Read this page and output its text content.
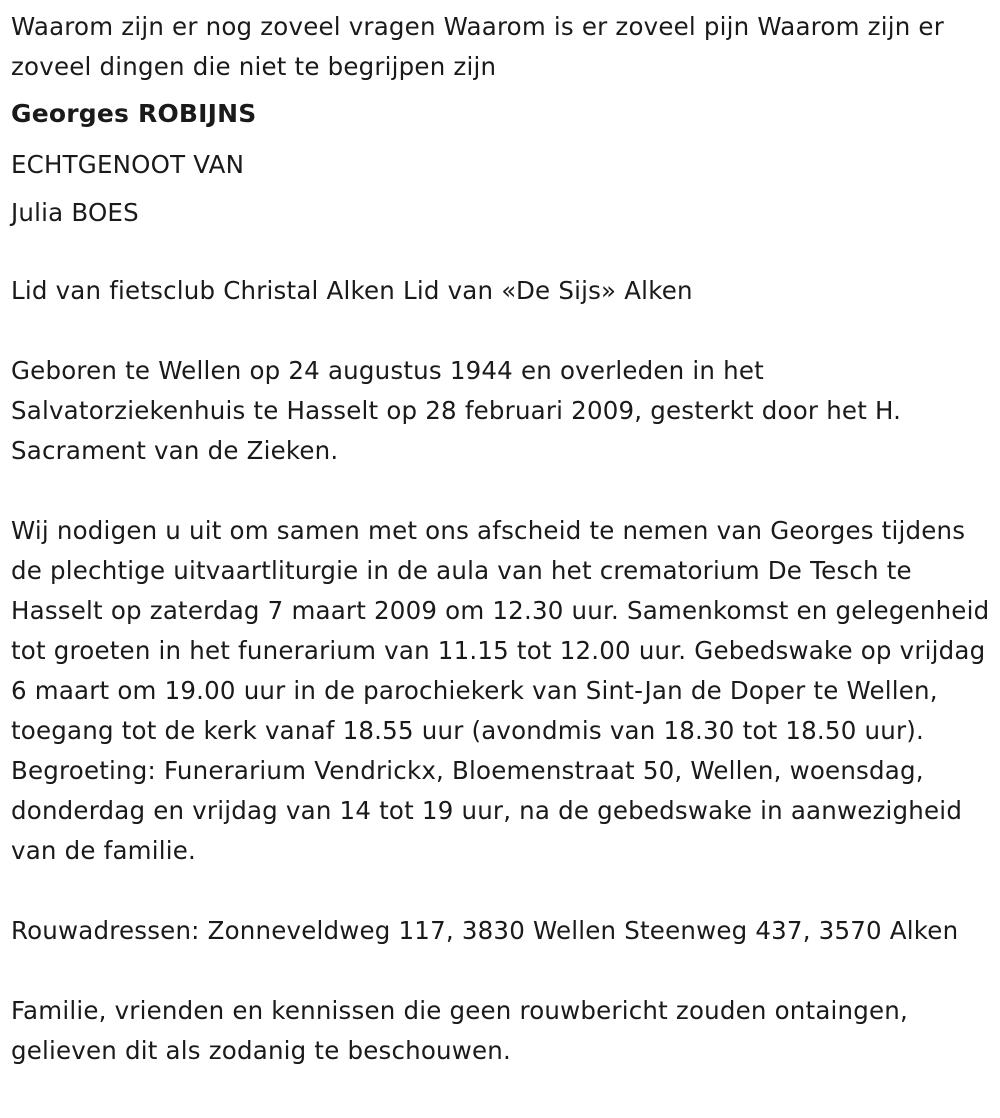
Waarom zijn er nog zoveel vragen Waarom is er zoveel pijn Waarom zijn er zoveel dingen die niet te begrijpen zijn

Georges ROBIJNS

ECHTGENOOT VAN

Julia BOES

Lid van fietsclub Christal Alken Lid van «De Sijs» Alken

Geboren te Wellen op 24 augustus 1944 en overleden in het Salvatorziekenhuis te Hasselt op 28 februari 2009, gesterkt door het H. Sacrament van de Zieken.

Wij nodigen u uit om samen met ons afscheid te nemen van Georges tijdens de plechtige uitvaartliturgie in de aula van het crematorium De Tesch te Hasselt op zaterdag 7 maart 2009 om 12.30 uur. Samenkomst en gelegenheid tot groeten in het funerarium van 11.15 tot 12.00 uur. Gebedswake op vrijdag 6 maart om 19.00 uur in de parochiekerk van Sint-Jan de Doper te Wellen, toegang tot de kerk vanaf 18.55 uur (avondmis van 18.30 tot 18.50 uur). Begroeting: Funerarium Vendrickx, Bloemenstraat 50, Wellen, woensdag, donderdag en vrijdag van 14 tot 19 uur, na de gebedswake in aanwezigheid van de familie.

Rouwadressen: Zonneveldweg 117, 3830 Wellen Steenweg 437, 3570 Alken

Familie, vrienden en kennissen die geen rouwbericht zouden ontaingen, gelieven dit als zodanig te beschouwen.
